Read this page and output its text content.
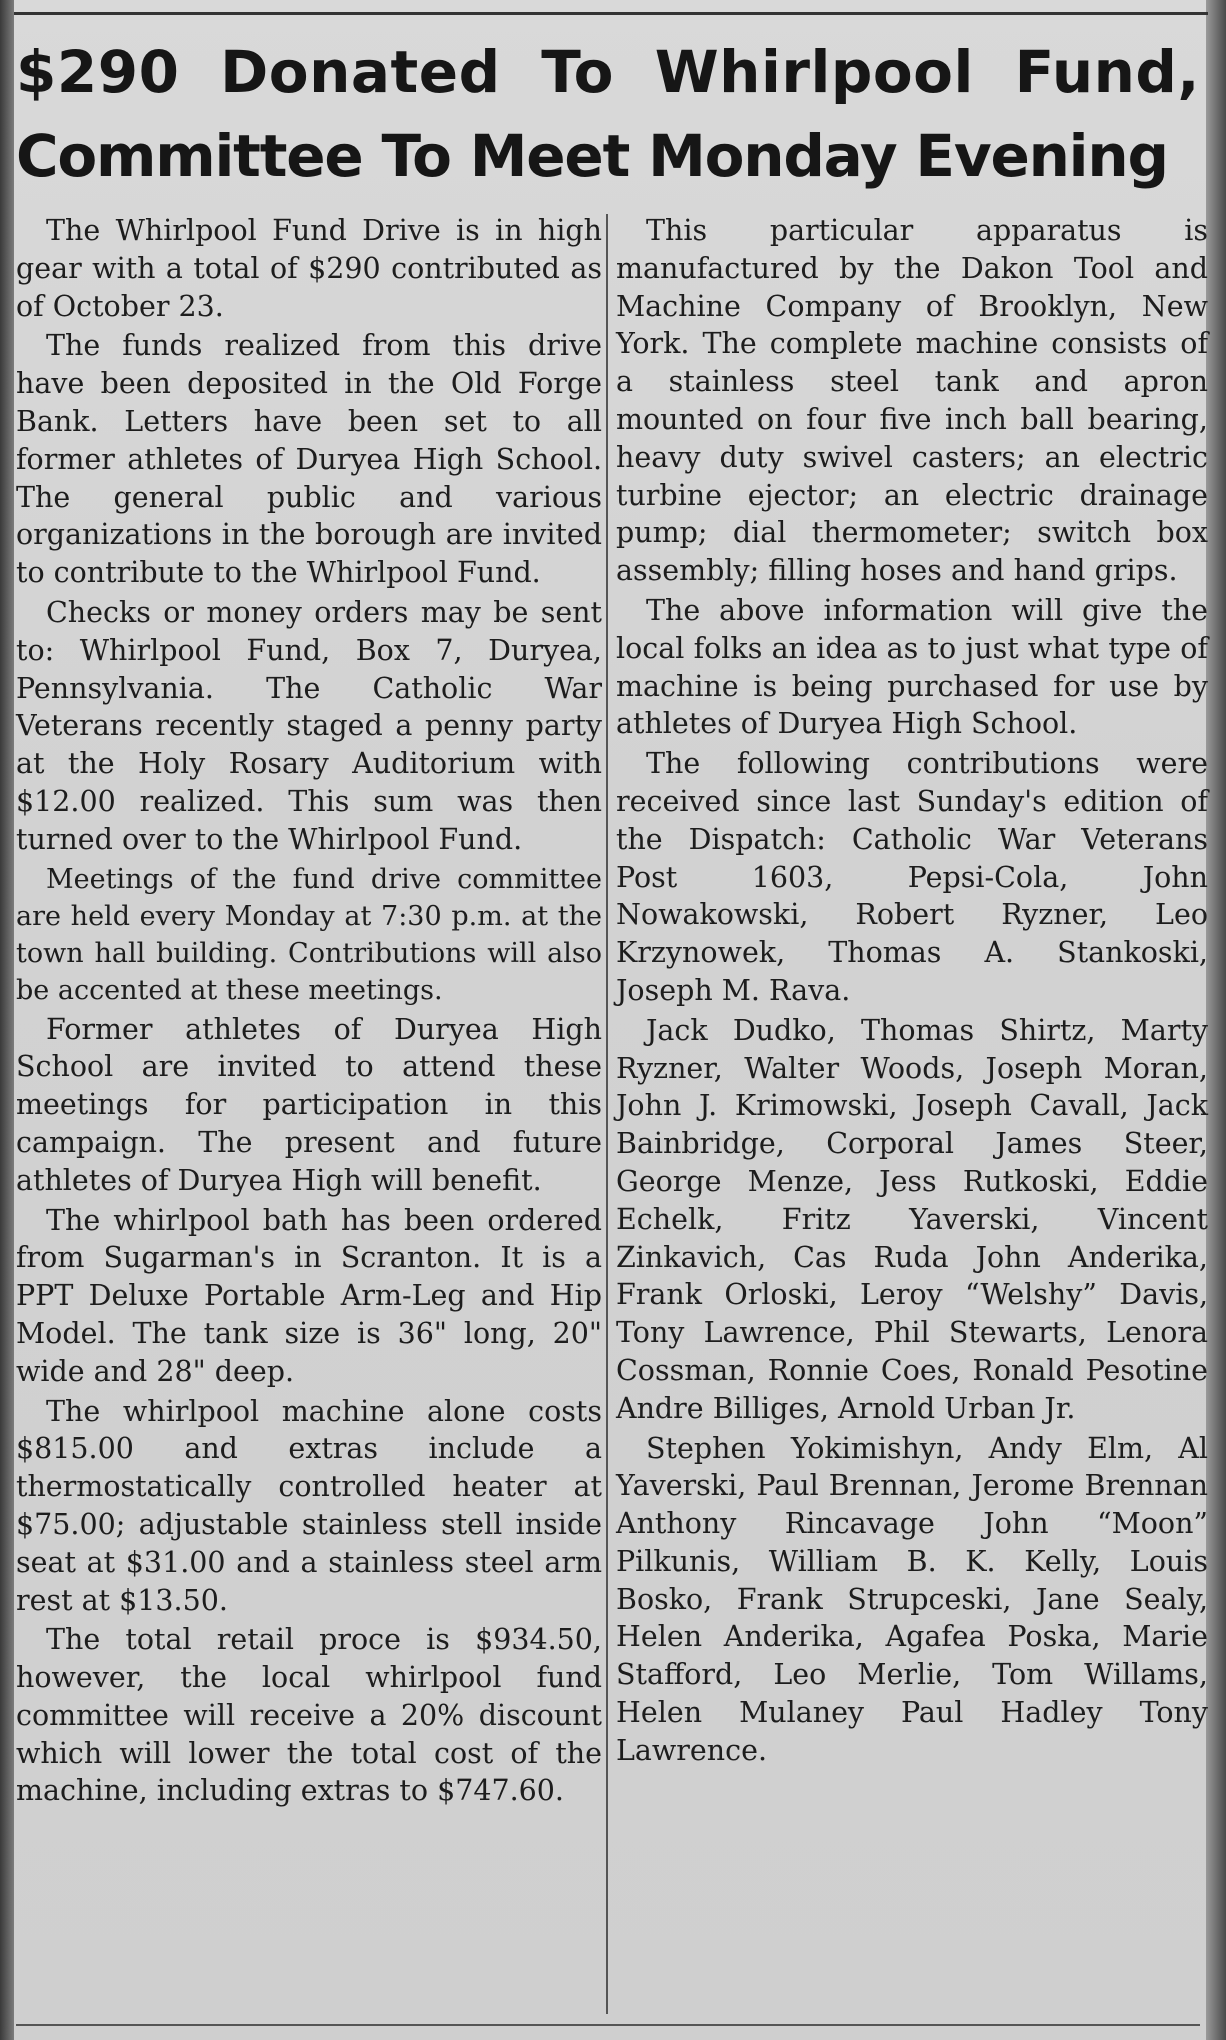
$290 Donated To Whirlpool Fund,
Committee To Meet Monday Evening

The Whirlpool Fund Drive is in high gear with a total of $290 contributed as of October 23.

The funds realized from this drive have been deposited in the Old Forge Bank. Letters have been set to all former athletes of Duryea High School. The general public and various organizations in the borough are invited to contribute to the Whirlpool Fund.

Checks or money orders may be sent to: Whirlpool Fund, Box 7, Duryea, Pennsylvania. The Catholic War Veterans recently staged a penny party at the Holy Rosary Auditorium with $12.00 realized. This sum was then turned over to the Whirlpool Fund.

Meetings of the fund drive committee are held every Monday at 7:30 p.m. at the town hall building. Contributions will also be accented at these meetings.

Former athletes of Duryea High School are invited to attend these meetings for participation in this campaign. The present and future athletes of Duryea High will benefit.

The whirlpool bath has been ordered from Sugarman's in Scranton. It is a PPT Deluxe Portable Arm-Leg and Hip Model. The tank size is 36" long, 20" wide and 28" deep.

The whirlpool machine alone costs $815.00 and extras include a thermostatically controlled heater at $75.00; adjustable stainless stell inside seat at $31.00 and a stainless steel arm rest at $13.50.

The total retail proce is $934.50, however, the local whirlpool fund committee will receive a 20% discount which will lower the total cost of the machine, including extras to $747.60.

This particular apparatus is manufactured by the Dakon Tool and Machine Company of Brooklyn, New York. The complete machine consists of a stainless steel tank and apron mounted on four five inch ball bearing, heavy duty swivel casters; an electric turbine ejector; an electric drainage pump; dial thermometer; switch box assembly; filling hoses and hand grips.

The above information will give the local folks an idea as to just what type of machine is being purchased for use by athletes of Duryea High School.

The following contributions were received since last Sunday's edition of the Dispatch: Catholic War Veterans Post 1603, Pepsi-Cola, John Nowakowski, Robert Ryzner, Leo Krzynowek, Thomas A. Stankoski, Joseph M. Rava.

Jack Dudko, Thomas Shirtz, Marty Ryzner, Walter Woods, Joseph Moran, John J. Krimowski, Joseph Cavall, Jack Bainbridge, Corporal James Steer, George Menze, Jess Rutkoski, Eddie Echelk, Fritz Yaverski, Vincent Zinkavich, Cas Ruda John Anderika, Frank Orloski, Leroy “Welshy” Davis, Tony Lawrence, Phil Stewarts, Lenora Cossman, Ronnie Coes, Ronald Pesotine Andre Billiges, Arnold Urban Jr.

Stephen Yokimishyn, Andy Elm, Al Yaverski, Paul Brennan, Jerome Brennan Anthony Rincavage John “Moon” Pilkunis, William B. K. Kelly, Louis Bosko, Frank Strupceski, Jane Sealy, Helen Anderika, Agafea Poska, Marie Stafford, Leo Merlie, Tom Willams, Helen Mulaney Paul Hadley Tony Lawrence.
